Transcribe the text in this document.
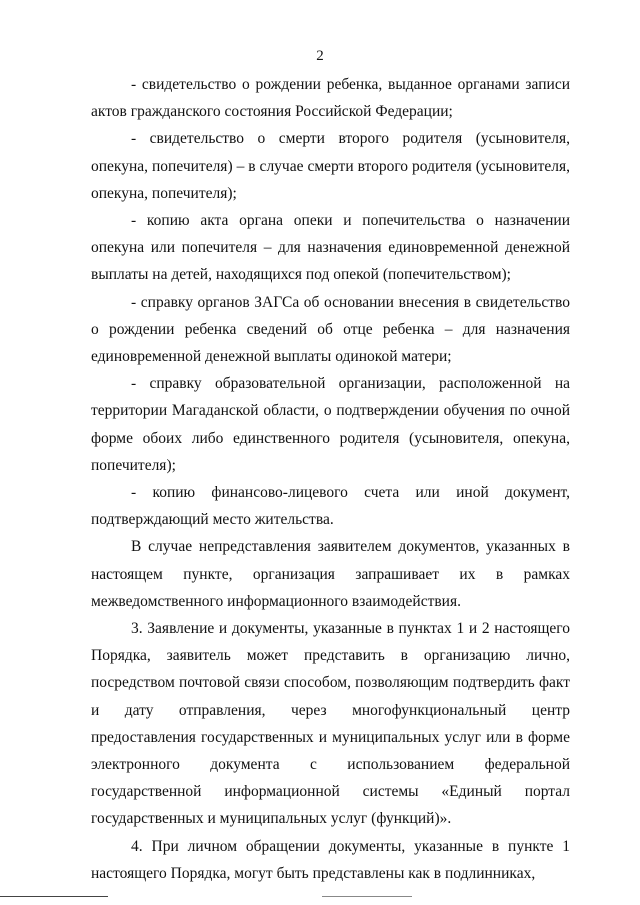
2

- свидетельство о рождении ребенка, выданное органами записи актов гражданского состояния Российской Федерации;

- свидетельство о смерти второго родителя (усыновителя, опекуна, попечителя) – в случае смерти второго родителя (усыновителя, опекуна, попечителя);

- копию акта органа опеки и попечительства о назначении опекуна или попечителя – для назначения единовременной денежной выплаты на детей, находящихся под опекой (попечительством);

- справку органов ЗАГСа об основании внесения в свидетельство о рождении ребенка сведений об отце ребенка – для назначения единовременной денежной выплаты одинокой матери;

- справку образовательной организации, расположенной на территории Магаданской области, о подтверждении обучения по очной форме обоих либо единственного родителя (усыновителя, опекуна, попечителя);

- копию финансово-лицевого счета или иной документ, подтверждающий место жительства.

В случае непредставления заявителем документов, указанных в настоящем пункте, организация запрашивает их в рамках межведомственного информационного взаимодействия.

3. Заявление и документы, указанные в пунктах 1 и 2 настоящего Порядка, заявитель может представить в организацию лично, посредством почтовой связи способом, позволяющим подтвердить факт и дату отправления, через многофункциональный центр предоставления государственных и муниципальных услуг или в форме электронного документа с использованием федеральной государственной информационной системы «Единый портал государственных и муниципальных услуг (функций)».

4. При личном обращении документы, указанные в пункте 1 настоящего Порядка, могут быть представлены как в подлинниках,
